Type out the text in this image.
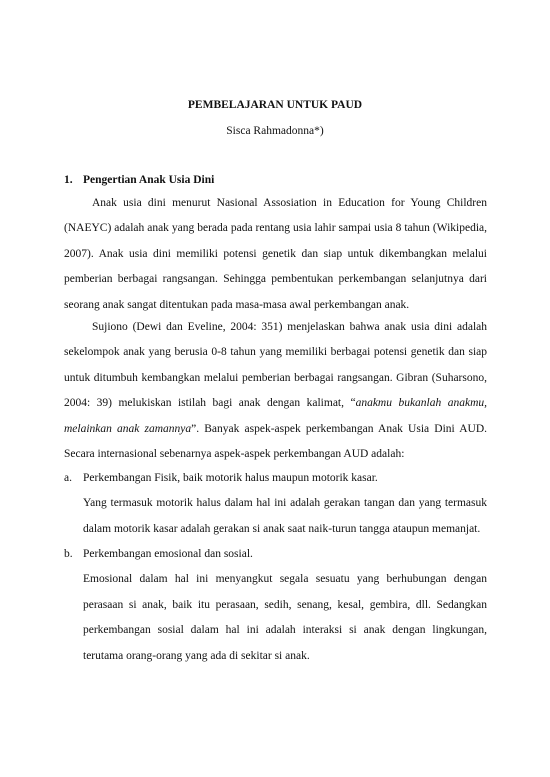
PEMBELAJARAN UNTUK PAUD
Sisca Rahmadonna*)
1. Pengertian Anak Usia Dini

Anak usia dini menurut Nasional Assosiation in Education for Young Children (NAEYC) adalah anak yang berada pada rentang usia lahir sampai usia 8 tahun (Wikipedia, 2007). Anak usia dini memiliki potensi genetik dan siap untuk dikembangkan melalui pemberian berbagai rangsangan. Sehingga pembentukan perkembangan selanjutnya dari seorang anak sangat ditentukan pada masa-masa awal perkembangan anak.

Sujiono (Dewi dan Eveline, 2004: 351) menjelaskan bahwa anak usia dini adalah sekelompok anak yang berusia 0-8 tahun yang memiliki berbagai potensi genetik dan siap untuk ditumbuh kembangkan melalui pemberian berbagai rangsangan. Gibran (Suharsono, 2004: 39) melukiskan istilah bagi anak dengan kalimat, “anakmu bukanlah anakmu, melainkan anak zamannya”. Banyak aspek-aspek perkembangan Anak Usia Dini AUD. Secara internasional sebenarnya aspek-aspek perkembangan AUD adalah:

a. Perkembangan Fisik, baik motorik halus maupun motorik kasar.
Yang termasuk motorik halus dalam hal ini adalah gerakan tangan dan yang termasuk dalam motorik kasar adalah gerakan si anak saat naik-turun tangga ataupun memanjat.
b. Perkembangan emosional dan sosial.
Emosional dalam hal ini menyangkut segala sesuatu yang berhubungan dengan perasaan si anak, baik itu perasaan, sedih, senang, kesal, gembira, dll. Sedangkan perkembangan sosial dalam hal ini adalah interaksi si anak dengan lingkungan, terutama orang-orang yang ada di sekitar si anak.
